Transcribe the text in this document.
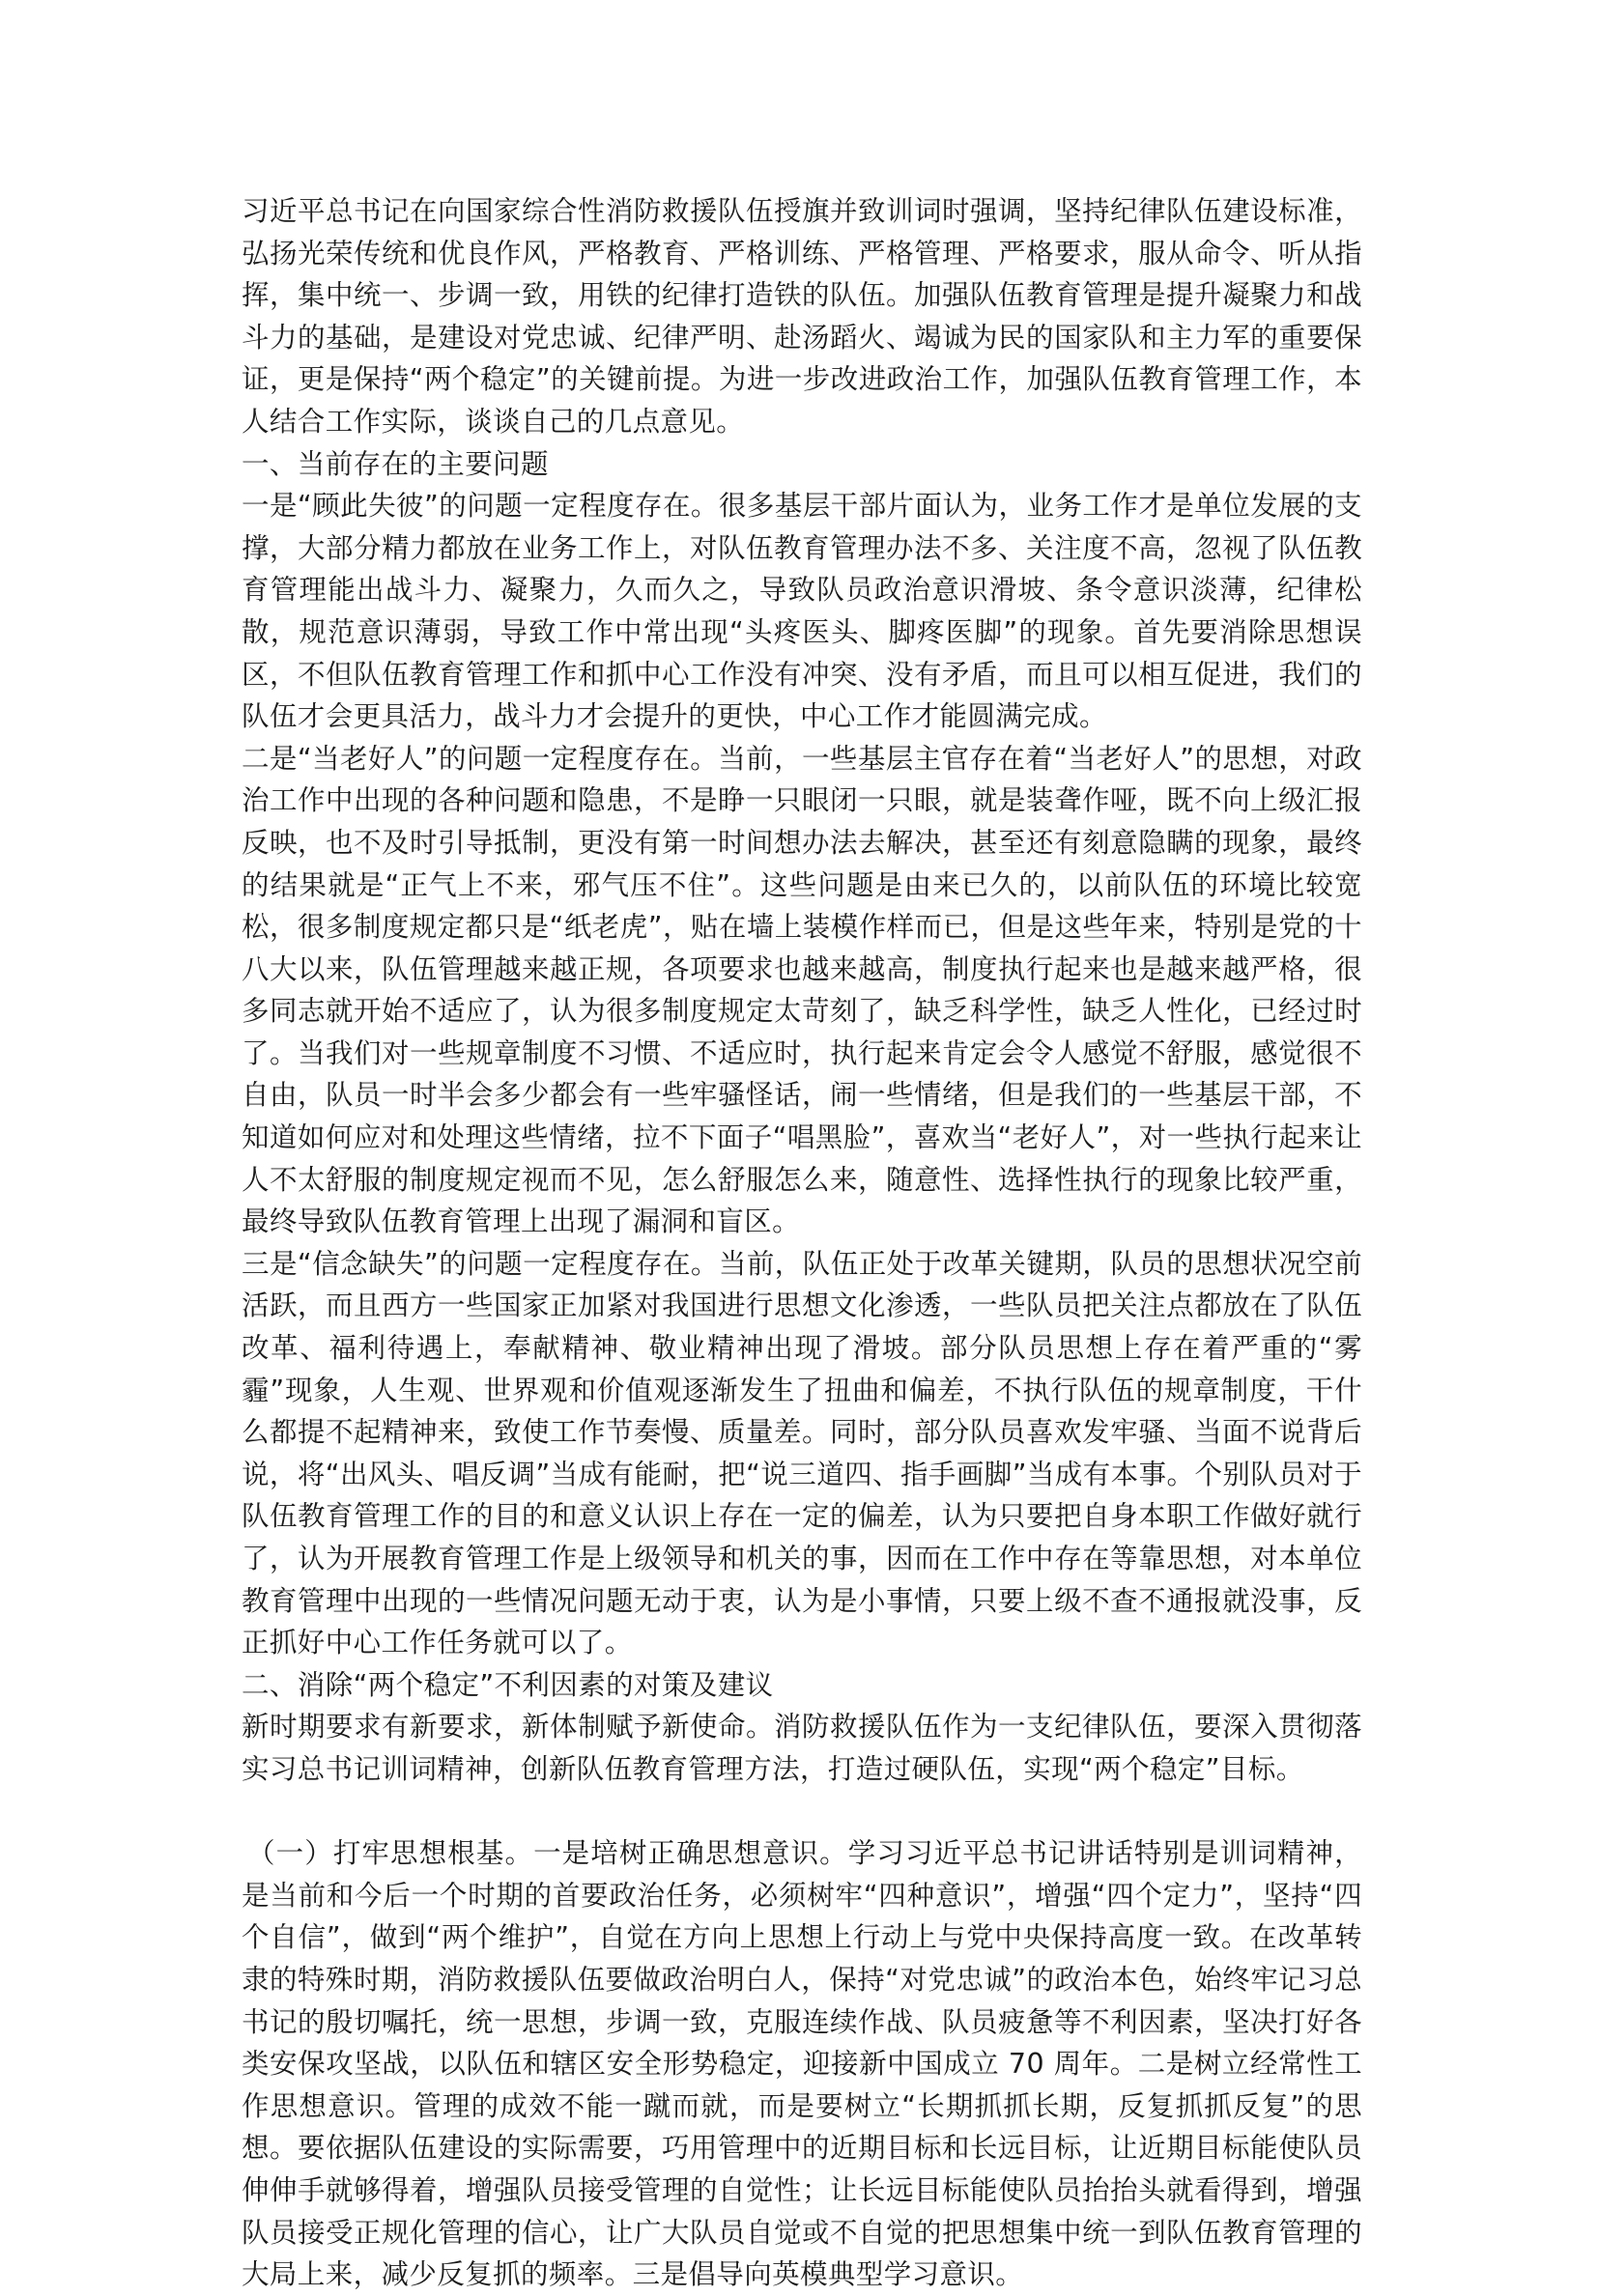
习近平总书记在向国家综合性消防救援队伍授旗并致训词时强调，坚持纪律队伍建设标准，弘扬光荣传统和优良作风，严格教育、严格训练、严格管理、严格要求，服从命令、听从指挥，集中统一、步调一致，用铁的纪律打造铁的队伍。加强队伍教育管理是提升凝聚力和战斗力的基础，是建设对党忠诚、纪律严明、赴汤蹈火、竭诚为民的国家队和主力军的重要保证，更是保持“两个稳定”的关键前提。为进一步改进政治工作，加强队伍教育管理工作，本人结合工作实际，谈谈自己的几点意见。

一、当前存在的主要问题

一是“顾此失彼”的问题一定程度存在。很多基层干部片面认为，业务工作才是单位发展的支撑，大部分精力都放在业务工作上，对队伍教育管理办法不多、关注度不高，忽视了队伍教育管理能出战斗力、凝聚力，久而久之，导致队员政治意识滑坡、条令意识淡薄，纪律松散，规范意识薄弱，导致工作中常出现“头疼医头、脚疼医脚”的现象。首先要消除思想误区，不但队伍教育管理工作和抓中心工作没有冲突、没有矛盾，而且可以相互促进，我们的队伍才会更具活力，战斗力才会提升的更快，中心工作才能圆满完成。

二是“当老好人”的问题一定程度存在。当前，一些基层主官存在着“当老好人”的思想，对政治工作中出现的各种问题和隐患，不是睁一只眼闭一只眼，就是装聋作哑，既不向上级汇报反映，也不及时引导抵制，更没有第一时间想办法去解决，甚至还有刻意隐瞒的现象，最终的结果就是“正气上不来，邪气压不住”。这些问题是由来已久的，以前队伍的环境比较宽松，很多制度规定都只是“纸老虎”，贴在墙上装模作样而已，但是这些年来，特别是党的十八大以来，队伍管理越来越正规，各项要求也越来越高，制度执行起来也是越来越严格，很多同志就开始不适应了，认为很多制度规定太苛刻了，缺乏科学性，缺乏人性化，已经过时了。当我们对一些规章制度不习惯、不适应时，执行起来肯定会令人感觉不舒服，感觉很不自由，队员一时半会多少都会有一些牢骚怪话，闹一些情绪，但是我们的一些基层干部，不知道如何应对和处理这些情绪，拉不下面子“唱黑脸”，喜欢当“老好人”，对一些执行起来让人不太舒服的制度规定视而不见，怎么舒服怎么来，随意性、选择性执行的现象比较严重，最终导致队伍教育管理上出现了漏洞和盲区。

三是“信念缺失”的问题一定程度存在。当前，队伍正处于改革关键期，队员的思想状况空前活跃，而且西方一些国家正加紧对我国进行思想文化渗透，一些队员把关注点都放在了队伍改革、福利待遇上，奉献精神、敬业精神出现了滑坡。部分队员思想上存在着严重的“雾霾”现象，人生观、世界观和价值观逐渐发生了扭曲和偏差，不执行队伍的规章制度，干什么都提不起精神来，致使工作节奏慢、质量差。同时，部分队员喜欢发牢骚、当面不说背后说，将“出风头、唱反调”当成有能耐，把“说三道四、指手画脚”当成有本事。个别队员对于队伍教育管理工作的目的和意义认识上存在一定的偏差，认为只要把自身本职工作做好就行了，认为开展教育管理工作是上级领导和机关的事，因而在工作中存在等靠思想，对本单位教育管理中出现的一些情况问题无动于衷，认为是小事情，只要上级不查不通报就没事，反正抓好中心工作任务就可以了。

二、消除“两个稳定”不利因素的对策及建议

新时期要求有新要求，新体制赋予新使命。消防救援队伍作为一支纪律队伍，要深入贯彻落实习总书记训词精神，创新队伍教育管理方法，打造过硬队伍，实现“两个稳定”目标。

（一）打牢思想根基。一是培树正确思想意识。学习习近平总书记讲话特别是训词精神，是当前和今后一个时期的首要政治任务，必须树牢“四种意识”，增强“四个定力”，坚持“四个自信”，做到“两个维护”，自觉在方向上思想上行动上与党中央保持高度一致。在改革转隶的特殊时期，消防救援队伍要做政治明白人，保持“对党忠诚”的政治本色，始终牢记习总书记的殷切嘱托，统一思想，步调一致，克服连续作战、队员疲惫等不利因素，坚决打好各类安保攻坚战，以队伍和辖区安全形势稳定，迎接新中国成立 70 周年。二是树立经常性工作思想意识。管理的成效不能一蹴而就，而是要树立“长期抓抓长期，反复抓抓反复”的思想。要依据队伍建设的实际需要，巧用管理中的近期目标和长远目标，让近期目标能使队员伸伸手就够得着，增强队员接受管理的自觉性；让长远目标能使队员抬抬头就看得到，增强队员接受正规化管理的信心，让广大队员自觉或不自觉的把思想集中统一到队伍教育管理的大局上来，减少反复抓的频率。三是倡导向英模典型学习意识。
